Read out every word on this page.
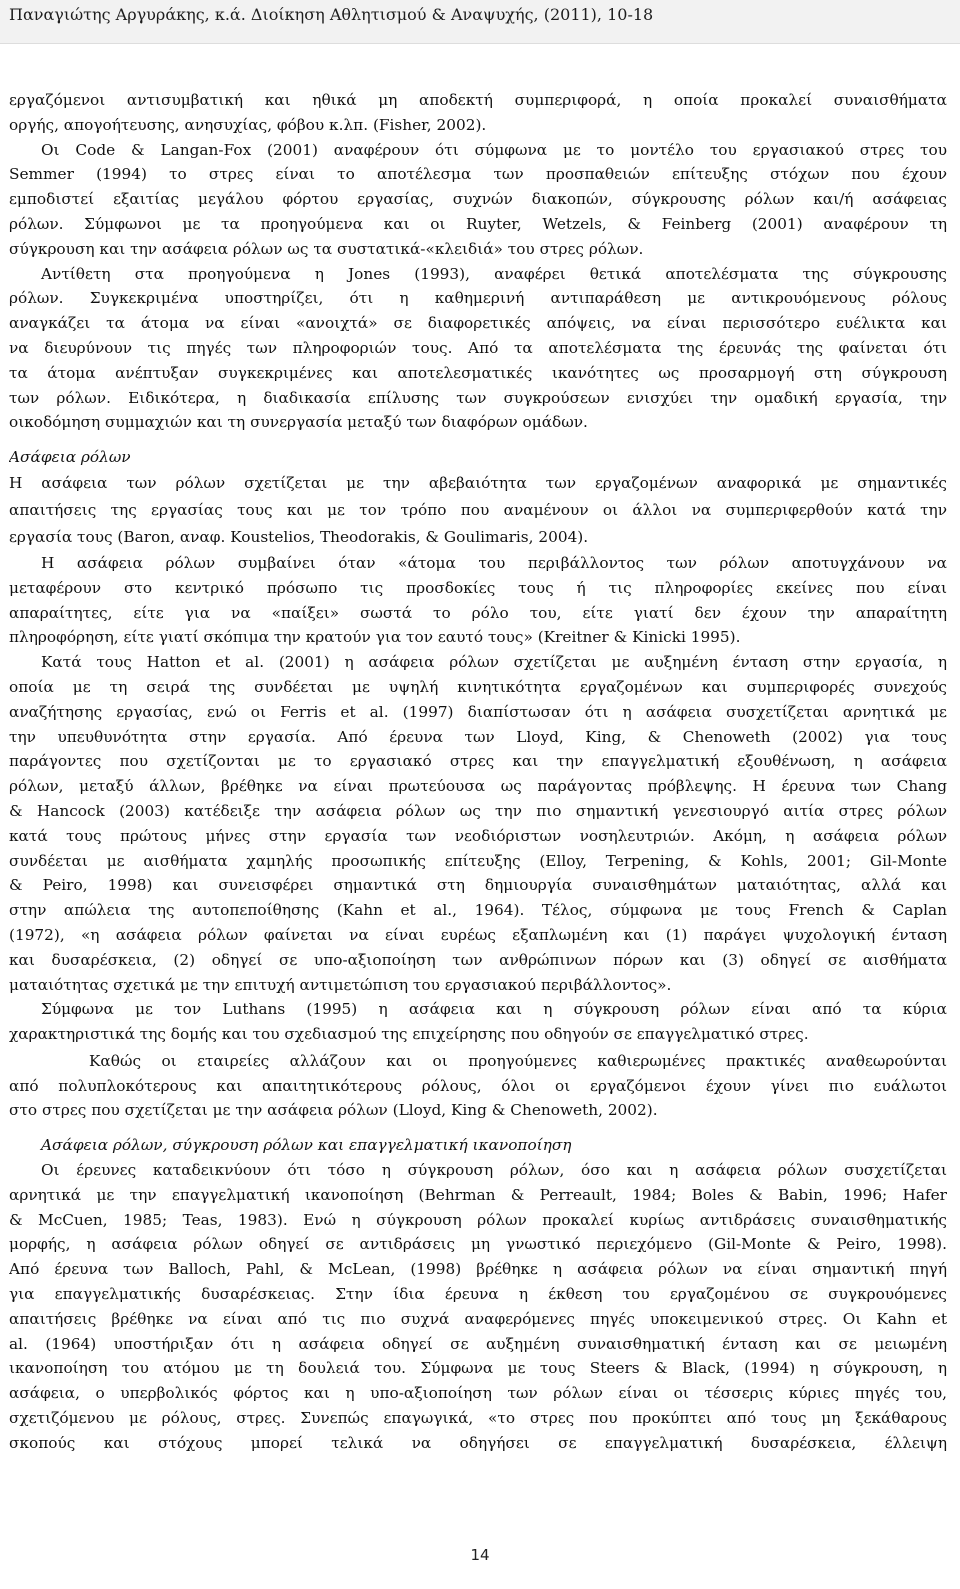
Παναγιώτης Αργυράκης, κ.ά. Διοίκηση Αθλητισμού & Αναψυχής, (2011), 10-18
εργαζόμενοι αντισυμβατική και ηθικά μη αποδεκτή συμπεριφορά, η οποία προκαλεί συναισθήματα
οργής, απογοήτευσης, ανησυχίας, φόβου κ.λπ. (Fisher, 2002).
Οι Code & Langan-Fox (2001) αναφέρουν ότι σύμφωνα με το μοντέλο του εργασιακού στρες του
Semmer (1994) το στρες είναι το αποτέλεσμα των προσπαθειών επίτευξης στόχων που έχουν
εμποδιστεί εξαιτίας μεγάλου φόρτου εργασίας, συχνών διακοπών, σύγκρουσης ρόλων και/ή ασάφειας
ρόλων. Σύμφωνοι με τα προηγούμενα και οι Ruyter, Wetzels, & Feinberg (2001) αναφέρουν τη
σύγκρουση και την ασάφεια ρόλων ως τα συστατικά-«κλειδιά» του στρες ρόλων.
Αντίθετη στα προηγούμενα η Jones (1993), αναφέρει θετικά αποτελέσματα της σύγκρουσης
ρόλων. Συγκεκριμένα υποστηρίζει, ότι η καθημερινή αντιπαράθεση με αντικρουόμενους ρόλους
αναγκάζει τα άτομα να είναι «ανοιχτά» σε διαφορετικές απόψεις, να είναι περισσότερο ευέλικτα και
να διευρύνουν τις πηγές των πληροφοριών τους. Από τα αποτελέσματα της έρευνάς της φαίνεται ότι
τα άτομα ανέπτυξαν συγκεκριμένες και αποτελεσματικές ικανότητες ως προσαρμογή στη σύγκρουση
των ρόλων. Ειδικότερα, η διαδικασία επίλυσης των συγκρούσεων ενισχύει την ομαδική εργασία, την
οικοδόμηση συμμαχιών και τη συνεργασία μεταξύ των διαφόρων ομάδων.
Ασάφεια ρόλων
Η ασάφεια των ρόλων σχετίζεται με την αβεβαιότητα των εργαζομένων αναφορικά με σημαντικές
απαιτήσεις της εργασίας τους και με τον τρόπο που αναμένουν οι άλλοι να συμπεριφερθούν κατά την
εργασία τους (Baron, αναφ. Koustelios, Theodorakis, & Goulimaris, 2004).
Η ασάφεια ρόλων συμβαίνει όταν «άτομα του περιβάλλοντος των ρόλων αποτυγχάνουν να
μεταφέρουν στο κεντρικό πρόσωπο τις προσδοκίες τους ή τις πληροφορίες εκείνες που είναι
απαραίτητες, είτε για να «παίξει» σωστά το ρόλο του, είτε γιατί δεν έχουν την απαραίτητη
πληροφόρηση, είτε γιατί σκόπιμα την κρατούν για τον εαυτό τους» (Kreitner & Kinicki 1995).
Κατά τους Hatton et al. (2001) η ασάφεια ρόλων σχετίζεται με αυξημένη ένταση στην εργασία, η
οποία με τη σειρά της συνδέεται με υψηλή κινητικότητα εργαζομένων και συμπεριφορές συνεχούς
αναζήτησης εργασίας, ενώ οι Ferris et al. (1997) διαπίστωσαν ότι η ασάφεια συσχετίζεται αρνητικά με
την υπευθυνότητα στην εργασία. Από έρευνα των Lloyd, King, & Chenoweth (2002) για τους
παράγοντες που σχετίζονται με το εργασιακό στρες και την επαγγελματική εξουθένωση, η ασάφεια
ρόλων, μεταξύ άλλων, βρέθηκε να είναι πρωτεύουσα ως παράγοντας πρόβλεψης. Η έρευνα των Chang
& Hancock (2003) κατέδειξε την ασάφεια ρόλων ως την πιο σημαντική γενεσιουργό αιτία στρες ρόλων
κατά τους πρώτους μήνες στην εργασία των νεοδιόριστων νοσηλευτριών. Ακόμη, η ασάφεια ρόλων
συνδέεται με αισθήματα χαμηλής προσωπικής επίτευξης (Elloy, Terpening, & Kohls, 2001; Gil-Monte
& Peiro, 1998) και συνεισφέρει σημαντικά στη δημιουργία συναισθημάτων ματαιότητας, αλλά και
στην απώλεια της αυτοπεποίθησης (Kahn et al., 1964). Τέλος, σύμφωνα με τους French & Caplan
(1972), «η ασάφεια ρόλων φαίνεται να είναι ευρέως εξαπλωμένη και (1) παράγει ψυχολογική ένταση
και δυσαρέσκεια, (2) οδηγεί σε υπο-αξιοποίηση των ανθρώπινων πόρων και (3) οδηγεί σε αισθήματα
ματαιότητας σχετικά με την επιτυχή αντιμετώπιση του εργασιακού περιβάλλοντος».
Σύμφωνα με τον Luthans (1995) η ασάφεια και η σύγκρουση ρόλων είναι από τα κύρια
χαρακτηριστικά της δομής και του σχεδιασμού της επιχείρησης που οδηγούν σε επαγγελματικό στρες.
Καθώς οι εταιρείες αλλάζουν και οι προηγούμενες καθιερωμένες πρακτικές αναθεωρούνται
από πολυπλοκότερους και απαιτητικότερους ρόλους, όλοι οι εργαζόμενοι έχουν γίνει πιο ευάλωτοι
στο στρες που σχετίζεται με την ασάφεια ρόλων (Lloyd, King & Chenoweth, 2002).
Ασάφεια ρόλων, σύγκρουση ρόλων και επαγγελματική ικανοποίηση
Οι έρευνες καταδεικνύουν ότι τόσο η σύγκρουση ρόλων, όσο και η ασάφεια ρόλων συσχετίζεται
αρνητικά με την επαγγελματική ικανοποίηση (Behrman & Perreault, 1984; Boles & Babin, 1996; Hafer
& McCuen, 1985; Teas, 1983). Ενώ η σύγκρουση ρόλων προκαλεί κυρίως αντιδράσεις συναισθηματικής
μορφής, η ασάφεια ρόλων οδηγεί σε αντιδράσεις μη γνωστικό περιεχόμενο (Gil-Monte & Peiro, 1998).
Από έρευνα των Balloch, Pahl, & McLean, (1998) βρέθηκε η ασάφεια ρόλων να είναι σημαντική πηγή
για επαγγελματικής δυσαρέσκειας. Στην ίδια έρευνα η έκθεση του εργαζομένου σε συγκρουόμενες
απαιτήσεις βρέθηκε να είναι από τις πιο συχνά αναφερόμενες πηγές υποκειμενικού στρες. Οι Kahn et
al. (1964) υποστήριξαν ότι η ασάφεια οδηγεί σε αυξημένη συναισθηματική ένταση και σε μειωμένη
ικανοποίηση του ατόμου με τη δουλειά του. Σύμφωνα με τους Steers & Black, (1994) η σύγκρουση, η
ασάφεια, ο υπερβολικός φόρτος και η υπο-αξιοποίηση των ρόλων είναι οι τέσσερις κύριες πηγές του,
σχετιζόμενου με ρόλους, στρες. Συνεπώς επαγωγικά, «το στρες που προκύπτει από τους μη ξεκάθαρους
σκοπούς και στόχους μπορεί τελικά να οδηγήσει σε επαγγελματική δυσαρέσκεια, έλλειψη
14
